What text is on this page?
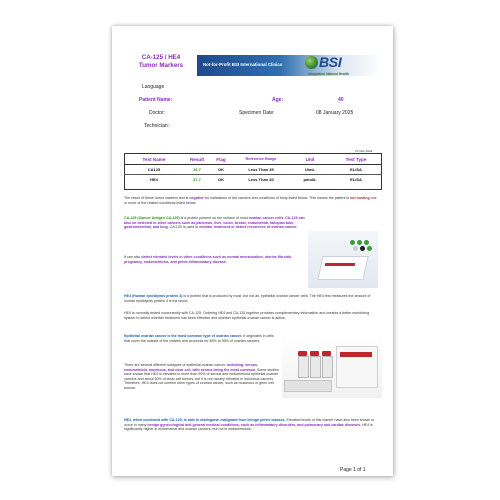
CA-125 / HE4
Tumor Markers	Not-for-Profit BSI International Clinics	BSI
Integrative Natural Health
Language
Patient Name:	Age:	40
Doctor:	Specimen Date:	08 January 2025
Technician:
V1 Dec 2024
Test Name	Result	Flag	Reference Range	Unit	Test Type
CA125	26.7	OK	Less Than 35	U/mL	ELISA
HE4	37.7	OK	Less Than 40	pmol/L	ELISA
The result of these tumor markers test is negative for indications of the cancers and conditions of body listed below. This means the patient is not hosting one or more of the related conditions listed below.
CA-125 (Cancer Antigen CA-125) is a protein present on the surface of most ovarian cancer cells. CA-125 can also be detected in other cancers such as pancreas, liver, colon, breast, endometrial, fallopian tube, gastrointestinal, and lung. CA-125 is used to monitor treatment or detect recurrence of ovarian cancer.
It can also detect elevated levels in other conditions such as normal menstruation, uterine fibroids, pregnancy, endometriosis, and pelvic inflammatory disease.
...
HE4 (Human epididymis protein 4) is a protein that is produced by most, but not all, epithelial ovarian cancer cells. The HE4 test measures the amount of human epididymis protein 4 is the blood.
HE4 is normally tested concurrently with CA-125. Ordering HE4 and CA-125 together provides complementary information and creates a better monitoring system to detect whether treatment has been effective and whether epithelial ovarian cancer is active.
Epithelial ovarian cancer is the most common type of ovarian cancer. It originates in cells that cover the outside of the ovaries and accounts for 85% to 90% of ovarian cancers.
There are several different subtypes of epithelial ovarian cancer, including: serous, endometrioid, mucinous, and clear cell, with serous being the most common. Some studies have shown that HE4 is elevated in more than 90% of serous and endometrioid epithelial ovarian cancers and about 50% of clear-cell tumors, but it is not usually elevated in mucinous cancers. Therefore, HE4 does not confirm other types of ovarian cancer, such as mucinous or germ cell tumors.
HE4, when combined with CA-125, is able to distinguish malignant from benign pelvic masses. Elevated levels of this marker have also been shown to occur in many benign gynecological and general medical conditions, such as inflammatory disorders, and pulmonary and cardiac diseases. HE4 is significantly higher in endometrial and ovarian cancers, but not in endometriosis.
Page 1 of 1
